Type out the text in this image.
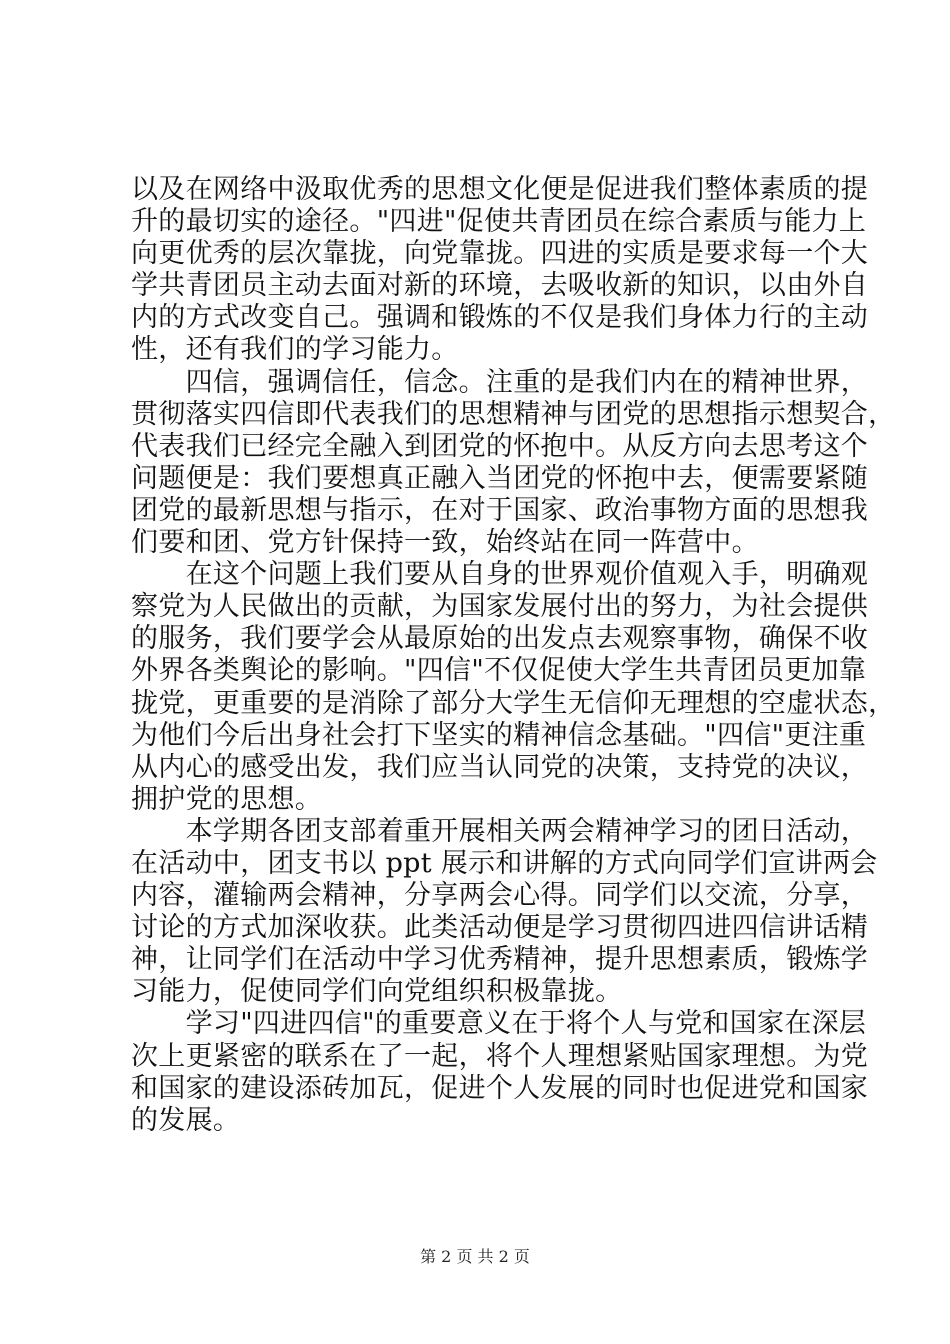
以及在网络中汲取优秀的思想文化便是促进我们整体素质的提
升的最切实的途径。"四进"促使共青团员在综合素质与能力上
向更优秀的层次靠拢，向党靠拢。四进的实质是要求每一个大
学共青团员主动去面对新的环境，去吸收新的知识，以由外自
内的方式改变自己。强调和锻炼的不仅是我们身体力行的主动
性，还有我们的学习能力。
　　四信，强调信任，信念。注重的是我们内在的精神世界，
贯彻落实四信即代表我们的思想精神与团党的思想指示想契合，
代表我们已经完全融入到团党的怀抱中。从反方向去思考这个
问题便是：我们要想真正融入当团党的怀抱中去，便需要紧随
团党的最新思想与指示，在对于国家、政治事物方面的思想我
们要和团、党方针保持一致，始终站在同一阵营中。
　　在这个问题上我们要从自身的世界观价值观入手，明确观
察党为人民做出的贡献，为国家发展付出的努力，为社会提供
的服务，我们要学会从最原始的出发点去观察事物，确保不收
外界各类舆论的影响。"四信"不仅促使大学生共青团员更加靠
拢党，更重要的是消除了部分大学生无信仰无理想的空虚状态，
为他们今后出身社会打下坚实的精神信念基础。"四信"更注重
从内心的感受出发，我们应当认同党的决策，支持党的决议，
拥护党的思想。
　　本学期各团支部着重开展相关两会精神学习的团日活动，
在活动中，团支书以 ppt 展示和讲解的方式向同学们宣讲两会
内容，灌输两会精神，分享两会心得。同学们以交流，分享，
讨论的方式加深收获。此类活动便是学习贯彻四进四信讲话精
神，让同学们在活动中学习优秀精神，提升思想素质，锻炼学
习能力，促使同学们向党组织积极靠拢。
　　学习"四进四信"的重要意义在于将个人与党和国家在深层
次上更紧密的联系在了一起，将个人理想紧贴国家理想。为党
和国家的建设添砖加瓦，促进个人发展的同时也促进党和国家
的发展。
第 2 页 共 2 页
